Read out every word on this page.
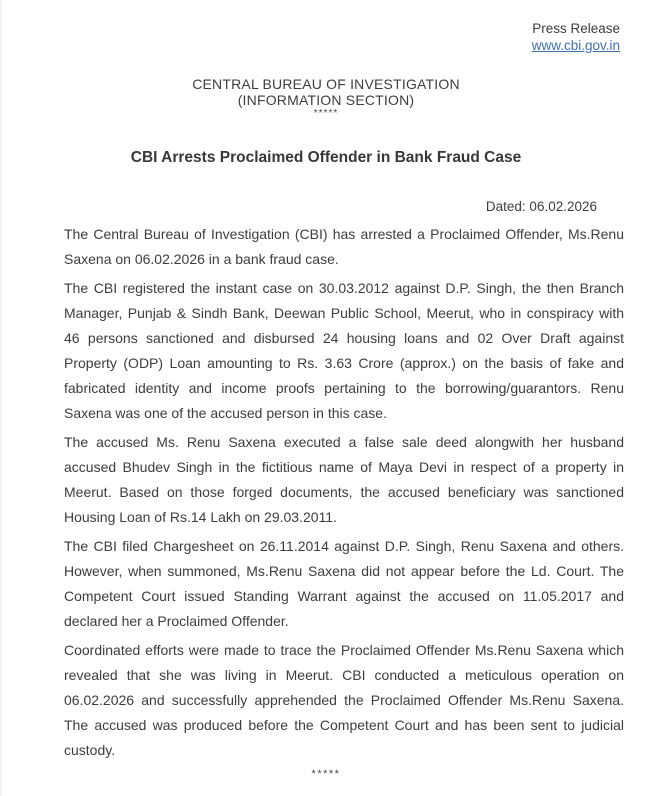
Press Release
www.cbi.gov.in
CENTRAL BUREAU OF INVESTIGATION
(INFORMATION SECTION)
*****
CBI Arrests Proclaimed Offender in Bank Fraud Case
Dated: 06.02.2026

The Central Bureau of Investigation (CBI) has arrested a Proclaimed Offender, Ms.Renu Saxena on 06.02.2026 in a bank fraud case.

The CBI registered the instant case on 30.03.2012 against D.P. Singh, the then Branch Manager, Punjab & Sindh Bank, Deewan Public School, Meerut, who in conspiracy with 46 persons sanctioned and disbursed 24 housing loans and 02 Over Draft against Property (ODP) Loan amounting to Rs. 3.63 Crore (approx.) on the basis of fake and fabricated identity and income proofs pertaining to the borrowing/guarantors. Renu Saxena was one of the accused person in this case.

The accused Ms. Renu Saxena executed a false sale deed alongwith her husband accused Bhudev Singh in the fictitious name of Maya Devi in respect of a property in Meerut. Based on those forged documents, the accused beneficiary was sanctioned Housing Loan of Rs.14 Lakh on 29.03.2011.

The CBI filed Chargesheet on 26.11.2014 against D.P. Singh, Renu Saxena and others. However, when summoned, Ms.Renu Saxena did not appear before the Ld. Court. The Competent Court issued Standing Warrant against the accused on 11.05.2017 and declared her a Proclaimed Offender.

Coordinated efforts were made to trace the Proclaimed Offender Ms.Renu Saxena which revealed that she was living in Meerut. CBI conducted a meticulous operation on 06.02.2026 and successfully apprehended the Proclaimed Offender Ms.Renu Saxena. The accused was produced before the Competent Court and has been sent to judicial custody.

*****
